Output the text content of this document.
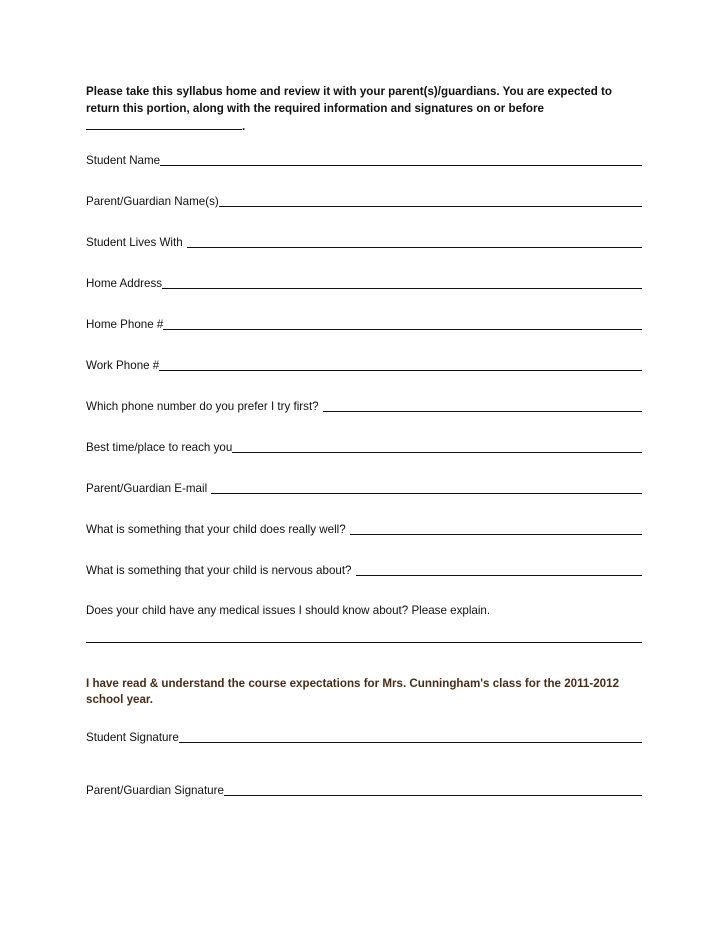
Please take this syllabus home and review it with your parent(s)/guardians. You are expected to return this portion, along with the required information and signatures on or before
.
Student Name
Parent/Guardian Name(s)
Student Lives With
Home Address
Home Phone #
Work Phone #
Which phone number do you prefer I try first?
Best time/place to reach you
Parent/Guardian E-mail
What is something that your child does really well?
What is something that your child is nervous about?
Does your child have any medical issues I should know about? Please explain.
I have read & understand the course expectations for Mrs. Cunningham's class for the 2011-2012 school year.
Student Signature
Parent/Guardian Signature
